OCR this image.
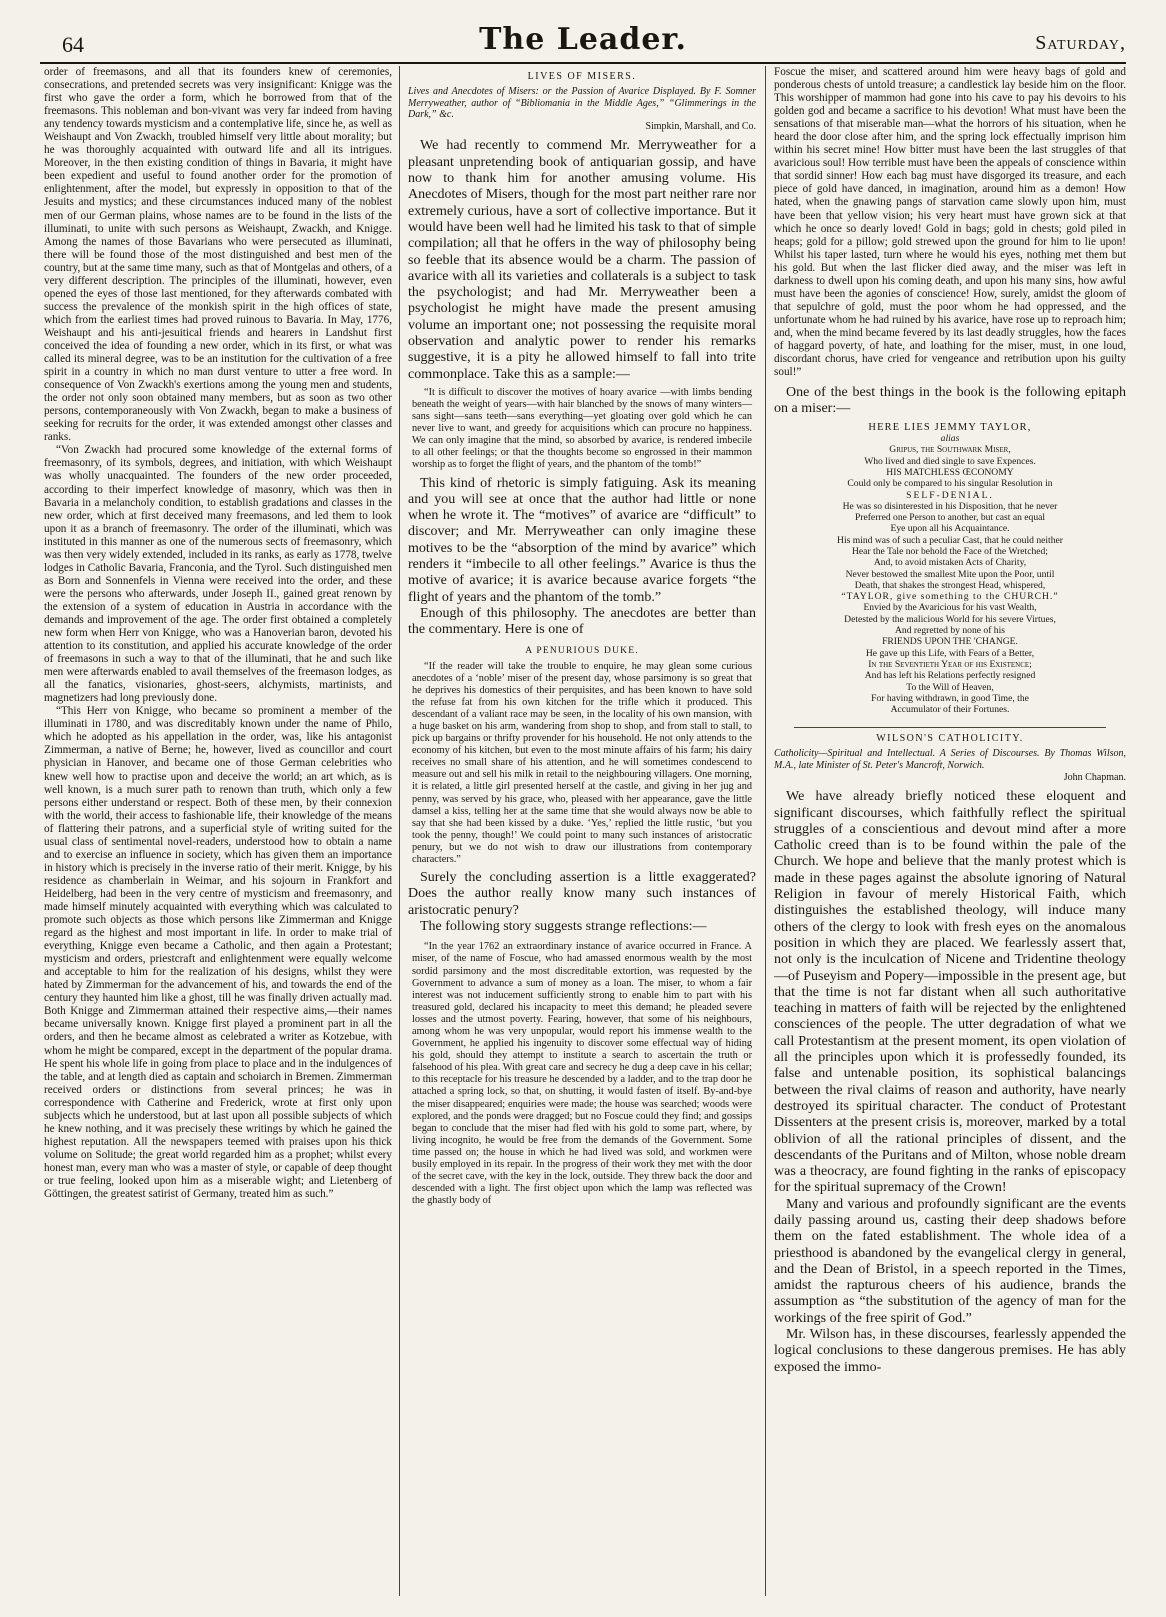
64	The Leader.	Saturday,

order of freemasons, and all that its founders knew of ceremonies, consecrations, and pretended secrets was very insignificant: Knigge was the first who gave the order a form, which he borrowed from that of the freemasons. This nobleman and bon-vivant was very far indeed from having any tendency towards mysticism and a contemplative life, since he, as well as Weishaupt and Von Zwackh, troubled himself very little about morality; but he was thoroughly acquainted with outward life and all its intrigues. Moreover, in the then existing condition of things in Bavaria, it might have been expedient and useful to found another order for the promotion of enlightenment, after the model, but expressly in opposition to that of the Jesuits and mystics; and these circumstances induced many of the noblest men of our German plains, whose names are to be found in the lists of the illuminati, to unite with such persons as Weishaupt, Zwackh, and Knigge. Among the names of those Bavarians who were persecuted as illuminati, there will be found those of the most distinguished and best men of the country, but at the same time many, such as that of Montgelas and others, of a very different description. The principles of the illuminati, however, even opened the eyes of those last mentioned, for they afterwards combated with success the prevalence of the monkish spirit in the high offices of state, which from the earliest times had proved ruinous to Bavaria. In May, 1776, Weishaupt and his anti-jesuitical friends and hearers in Landshut first conceived the idea of founding a new order, which in its first, or what was called its mineral degree, was to be an institution for the cultivation of a free spirit in a country in which no man durst venture to utter a free word. In consequence of Von Zwackh's exertions among the young men and students, the order not only soon obtained many members, but as soon as two other persons, contemporaneously with Von Zwackh, began to make a business of seeking for recruits for the order, it was extended amongst other classes and ranks.

“Von Zwackh had procured some knowledge of the external forms of freemasonry, of its symbols, degrees, and initiation, with which Weishaupt was wholly unacquainted. The founders of the new order proceeded, according to their imperfect knowledge of masonry, which was then in Bavaria in a melancholy condition, to establish gradations and classes in the new order, which at first deceived many freemasons, and led them to look upon it as a branch of freemasonry. The order of the illuminati, which was instituted in this manner as one of the numerous sects of freemasonry, which was then very widely extended, included in its ranks, as early as 1778, twelve lodges in Catholic Bavaria, Franconia, and the Tyrol. Such distinguished men as Born and Sonnenfels in Vienna were received into the order, and these were the persons who afterwards, under Joseph II., gained great renown by the extension of a system of education in Austria in accordance with the demands and improvement of the age. The order first obtained a completely new form when Herr von Knigge, who was a Hanoverian baron, devoted his attention to its constitution, and applied his accurate knowledge of the order of freemasons in such a way to that of the illuminati, that he and such like men were afterwards enabled to avail themselves of the freemason lodges, as all the fanatics, visionaries, ghost-seers, alchymists, martinists, and magnetizers had long previously done.

“This Herr von Knigge, who became so prominent a member of the illuminati in 1780, and was discreditably known under the name of Philo, which he adopted as his appellation in the order, was, like his antagonist Zimmerman, a native of Berne; he, however, lived as councillor and court physician in Hanover, and became one of those German celebrities who knew well how to practise upon and deceive the world; an art which, as is well known, is a much surer path to renown than truth, which only a few persons either understand or respect. Both of these men, by their connexion with the world, their access to fashionable life, their knowledge of the means of flattering their patrons, and a superficial style of writing suited for the usual class of sentimental novel-readers, understood how to obtain a name and to exercise an influence in society, which has given them an importance in history which is precisely in the inverse ratio of their merit. Knigge, by his residence as chamberlain in Weimar, and his sojourn in Frankfort and Heidelberg, had been in the very centre of mysticism and freemasonry, and made himself minutely acquainted with everything which was calculated to promote such objects as those which persons like Zimmerman and Knigge regard as the highest and most important in life. In order to make trial of everything, Knigge even became a Catholic, and then again a Protestant; mysticism and orders, priestcraft and enlightenment were equally welcome and acceptable to him for the realization of his designs, whilst they were hated by Zimmerman for the advancement of his, and towards the end of the century they haunted him like a ghost, till he was finally driven actually mad. Both Knigge and Zimmerman attained their respective aims,—their names became universally known. Knigge first played a prominent part in all the orders, and then he became almost as celebrated a writer as Kotzebue, with whom he might be compared, except in the department of the popular drama. He spent his whole life in going from place to place and in the indulgences of the table, and at length died as captain and schoiarch in Bremen. Zimmerman received orders or distinctions from several princes; he was in correspondence with Catherine and Frederick, wrote at first only upon subjects which he understood, but at last upon all possible subjects of which he knew nothing, and it was precisely these writings by which he gained the highest reputation. All the newspapers teemed with praises upon his thick volume on Solitude; the great world regarded him as a prophet; whilst every honest man, every man who was a master of style, or capable of deep thought or true feeling, looked upon him as a miserable wight; and Lietenberg of Göttingen, the greatest satirist of Germany, treated him as such.”

LIVES OF MISERS.
Lives and Anecdotes of Misers: or the Passion of Avarice Displayed. By F. Somner Merryweather, author of “Bibliomania in the Middle Ages,” “Glimmerings in the Dark,” &c.
Simpkin, Marshall, and Co.

We had recently to commend Mr. Merryweather for a pleasant unpretending book of antiquarian gossip, and have now to thank him for another amusing volume. His Anecdotes of Misers, though for the most part neither rare nor extremely curious, have a sort of collective importance. But it would have been well had he limited his task to that of simple compilation; all that he offers in the way of philosophy being so feeble that its absence would be a charm. The passion of avarice with all its varieties and collaterals is a subject to task the psychologist; and had Mr. Merryweather been a psychologist he might have made the present amusing volume an important one; not possessing the requisite moral observation and analytic power to render his remarks suggestive, it is a pity he allowed himself to fall into trite commonplace. Take this as a sample:—

“It is difficult to discover the motives of hoary avarice —with limbs bending beneath the weight of years—with hair blanched by the snows of many winters—sans sight—sans teeth—sans everything—yet gloating over gold which he can never live to want, and greedy for acquisitions which can procure no happiness. We can only imagine that the mind, so absorbed by avarice, is rendered imbecile to all other feelings; or that the thoughts become so engrossed in their mammon worship as to forget the flight of years, and the phantom of the tomb!”

This kind of rhetoric is simply fatiguing. Ask its meaning and you will see at once that the author had little or none when he wrote it. The “motives” of avarice are “difficult” to discover; and Mr. Merryweather can only imagine these motives to be the “absorption of the mind by avarice” which renders it “imbecile to all other feelings.” Avarice is thus the motive of avarice; it is avarice because avarice forgets “the flight of years and the phantom of the tomb.”

Enough of this philosophy. The anecdotes are better than the commentary. Here is one of

A PENURIOUS DUKE.

“If the reader will take the trouble to enquire, he may glean some curious anecdotes of a ‘noble’ miser of the present day, whose parsimony is so great that he deprives his domestics of their perquisites, and has been known to have sold the refuse fat from his own kitchen for the trifle which it produced. This descendant of a valiant race may be seen, in the locality of his own mansion, with a huge basket on his arm, wandering from shop to shop, and from stall to stall, to pick up bargains or thrifty provender for his household. He not only attends to the economy of his kitchen, but even to the most minute affairs of his farm; his dairy receives no small share of his attention, and he will sometimes condescend to measure out and sell his milk in retail to the neighbouring villagers. One morning, it is related, a little girl presented herself at the castle, and giving in her jug and penny, was served by his grace, who, pleased with her appearance, gave the little damsel a kiss, telling her at the same time that she would always now be able to say that she had been kissed by a duke. ‘Yes,’ replied the little rustic, ‘but you took the penny, though!’ We could point to many such instances of aristocratic penury, but we do not wish to draw our illustrations from contemporary characters.”

Surely the concluding assertion is a little exaggerated? Does the author really know many such instances of aristocratic penury?

The following story suggests strange reflections:—

“In the year 1762 an extraordinary instance of avarice occurred in France. A miser, of the name of Foscue, who had amassed enormous wealth by the most sordid parsimony and the most discreditable extortion, was requested by the Government to advance a sum of money as a loan. The miser, to whom a fair interest was not inducement sufficiently strong to enable him to part with his treasured gold, declared his incapacity to meet this demand; he pleaded severe losses and the utmost poverty. Fearing, however, that some of his neighbours, among whom he was very unpopular, would report his immense wealth to the Government, he applied his ingenuity to discover some effectual way of hiding his gold, should they attempt to institute a search to ascertain the truth or falsehood of his plea. With great care and secrecy he dug a deep cave in his cellar; to this receptacle for his treasure he descended by a ladder, and to the trap door he attached a spring lock, so that, on shutting, it would fasten of itself. By-and-bye the miser disappeared; enquiries were made; the house was searched; woods were explored, and the ponds were dragged; but no Foscue could they find; and gossips began to conclude that the miser had fled with his gold to some part, where, by living incognito, he would be free from the demands of the Government. Some time passed on; the house in which he had lived was sold, and workmen were busily employed in its repair. In the progress of their work they met with the door of the secret cave, with the key in the lock, outside. They threw back the door and descended with a light. The first object upon which the lamp was reflected was the ghastly body of

Foscue the miser, and scattered around him were heavy bags of gold and ponderous chests of untold treasure; a candlestick lay beside him on the floor. This worshipper of mammon had gone into his cave to pay his devoirs to his golden god and became a sacrifice to his devotion! What must have been the sensations of that miserable man—what the horrors of his situation, when he heard the door close after him, and the spring lock effectually imprison him within his secret mine! How bitter must have been the last struggles of that avaricious soul! How terrible must have been the appeals of conscience within that sordid sinner! How each bag must have disgorged its treasure, and each piece of gold have danced, in imagination, around him as a demon! How hated, when the gnawing pangs of starvation came slowly upon him, must have been that yellow vision; his very heart must have grown sick at that which he once so dearly loved! Gold in bags; gold in chests; gold piled in heaps; gold for a pillow; gold strewed upon the ground for him to lie upon! Whilst his taper lasted, turn where he would his eyes, nothing met them but his gold. But when the last flicker died away, and the miser was left in darkness to dwell upon his coming death, and upon his many sins, how awful must have been the agonies of conscience! How, surely, amidst the gloom of that sepulchre of gold, must the poor whom he had oppressed, and the unfortunate whom he had ruined by his avarice, have rose up to reproach him; and, when the mind became fevered by its last deadly struggles, how the faces of haggard poverty, of hate, and loathing for the miser, must, in one loud, discordant chorus, have cried for vengeance and retribution upon his guilty soul!”

One of the best things in the book is the following epitaph on a miser:—

HERE LIES JEMMY TAYLOR,
alias
Gripus, the Southwark Miser,
Who lived and died single to save Expences.
HIS MATCHLESS ŒCONOMY
Could only be compared to his singular Resolution in
SELF-DENIAL.
He was so disinterested in his Disposition, that he never
Preferred one Person to another, but cast an equal
Eye upon all his Acquaintance.
His mind was of such a peculiar Cast, that he could neither
Hear the Tale nor behold the Face of the Wretched;
And, to avoid mistaken Acts of Charity,
Never bestowed the smallest Mite upon the Poor, until
Death, that shakes the strongest Head, whispered,
“TAYLOR, give something to the CHURCH.”
Envied by the Avaricious for his vast Wealth,
Detested by the malicious World for his severe Virtues,
And regretted by none of his
FRIENDS UPON THE 'CHANGE.
He gave up this Life, with Fears of a Better,
In the Seventieth Year of his Existence;
And has left his Relations perfectly resigned
To the Will of Heaven,
For having withdrawn, in good Time, the
Accumulator of their Fortunes.
WILSON'S CATHOLICITY.
Catholicity—Spiritual and Intellectual. A Series of Discourses. By Thomas Wilson, M.A., late Minister of St. Peter's Mancroft, Norwich.
John Chapman.

We have already briefly noticed these eloquent and significant discourses, which faithfully reflect the spiritual struggles of a conscientious and devout mind after a more Catholic creed than is to be found within the pale of the Church. We hope and believe that the manly protest which is made in these pages against the absolute ignoring of Natural Religion in favour of merely Historical Faith, which distinguishes the established theology, will induce many others of the clergy to look with fresh eyes on the anomalous position in which they are placed. We fearlessly assert that, not only is the inculcation of Nicene and Tridentine theology—of Puseyism and Popery—impossible in the present age, but that the time is not far distant when all such authoritative teaching in matters of faith will be rejected by the enlightened consciences of the people. The utter degradation of what we call Protestantism at the present moment, its open violation of all the principles upon which it is professedly founded, its false and untenable position, its sophistical balancings between the rival claims of reason and authority, have nearly destroyed its spiritual character. The conduct of Protestant Dissenters at the present crisis is, moreover, marked by a total oblivion of all the rational principles of dissent, and the descendants of the Puritans and of Milton, whose noble dream was a theocracy, are found fighting in the ranks of episcopacy for the spiritual supremacy of the Crown!

Many and various and profoundly significant are the events daily passing around us, casting their deep shadows before them on the fated establishment. The whole idea of a priesthood is abandoned by the evangelical clergy in general, and the Dean of Bristol, in a speech reported in the Times, amidst the rapturous cheers of his audience, brands the assumption as “the substitution of the agency of man for the workings of the free spirit of God.”

Mr. Wilson has, in these discourses, fearlessly appended the logical conclusions to these dangerous premises. He has ably exposed the immo-
